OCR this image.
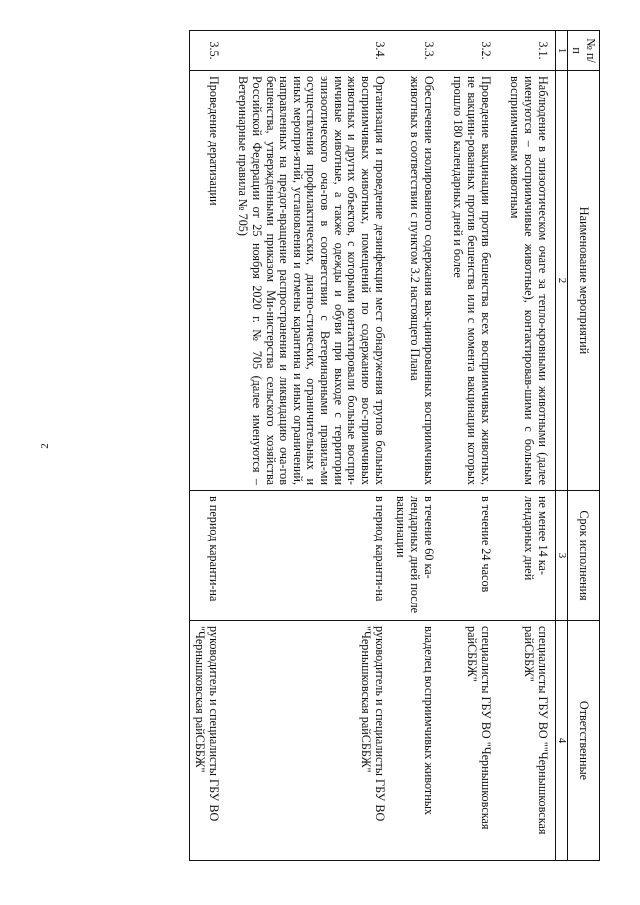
2
№ п/п	Наименование мероприятий	Срок исполнения	Ответственные
1	2	3	4
3.1.	Наблюдение в эпизоотическом очаге за тепло-кровными животными (далее именуются – восприимчивые животные), контактировав-шими с больным восприимчивым животным	не менее 14 ка-лендарных дней	специалисты ГБУ ВО ""Чернышковская райСББЖ"
3.2.	Проведение вакцинации против бешенства всех восприимчивых животных, не вакцини-рованных против бешенства или с момента вакцинации которых прошло 180 календарных дней и более	в течение 24 часов	специалисты ГБУ ВО "Чернышковская райСББЖ"
3.3.	Обеспечение изолированного содержания вак-цинированных восприимчивых животных в соответствии с пунктом 3.2 настоящего Плана	в течение 60 ка-лендарных дней после вакцинации	владелец восприимчивых животных
3.4.	Организация и проведение дезинфекции мест обнаружения трупов больных восприимчивых животных, помещений по содержанию вос-приимчивых животных и других объектов, с которыми контактировали больные воспри-имчивые животные, а также одежды и обуви при выходе с территории эпизоотического оча-гов в соответствии с Ветеринарными правила-ми осуществления профилактических, диагно-стических, ограничительных и иных меропри-ятий, установления и отмены карантина и иных ограничений, направленных на предот-вращение распространения и ликвидацию оча-гов бешенства, утвержденными приказом Ми-нистерства сельского хозяйства Российской Федерации от 25 ноября 2020 г. № 705 (далее именуются – Ветеринарные правила № 705)	в период каранти-на	руководитель и специалисты ГБУ ВО "Чернышковская райСББЖ"
3.5.	Проведение дератизации	в период каранти-на	руководитель и специалисты ГБУ ВО "Чернышковская райСББЖ"
